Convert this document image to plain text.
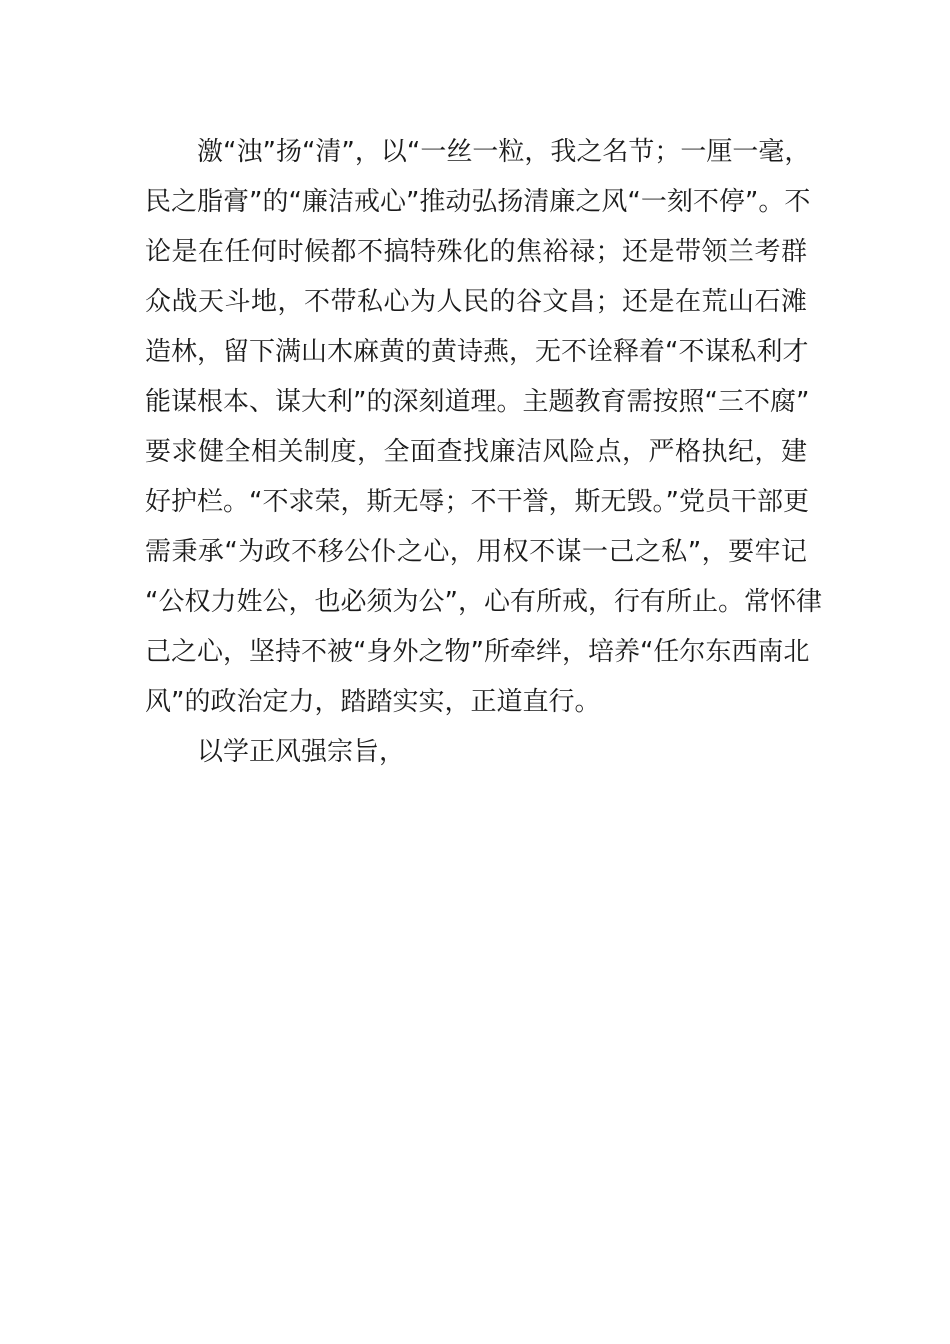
激“浊”扬“清”，以“一丝一粒，我之名节；一厘一毫，
民之脂膏”的“廉洁戒心”推动弘扬清廉之风“一刻不停”。不
论是在任何时候都不搞特殊化的焦裕禄；还是带领兰考群
众战天斗地，不带私心为人民的谷文昌；还是在荒山石滩
造林，留下满山木麻黄的黄诗燕，无不诠释着“不谋私利才
能谋根本、谋大利”的深刻道理。主题教育需按照“三不腐”
要求健全相关制度，全面查找廉洁风险点，严格执纪，建
好护栏。“不求荣，斯无辱；不干誉，斯无毁。”党员干部更
需秉承“为政不移公仆之心，用权不谋一己之私”，要牢记
“公权力姓公，也必须为公”，心有所戒，行有所止。常怀律
己之心，坚持不被“身外之物”所牵绊，培养“任尔东西南北
风”的政治定力，踏踏实实，正道直行。
以学正风强宗旨，
